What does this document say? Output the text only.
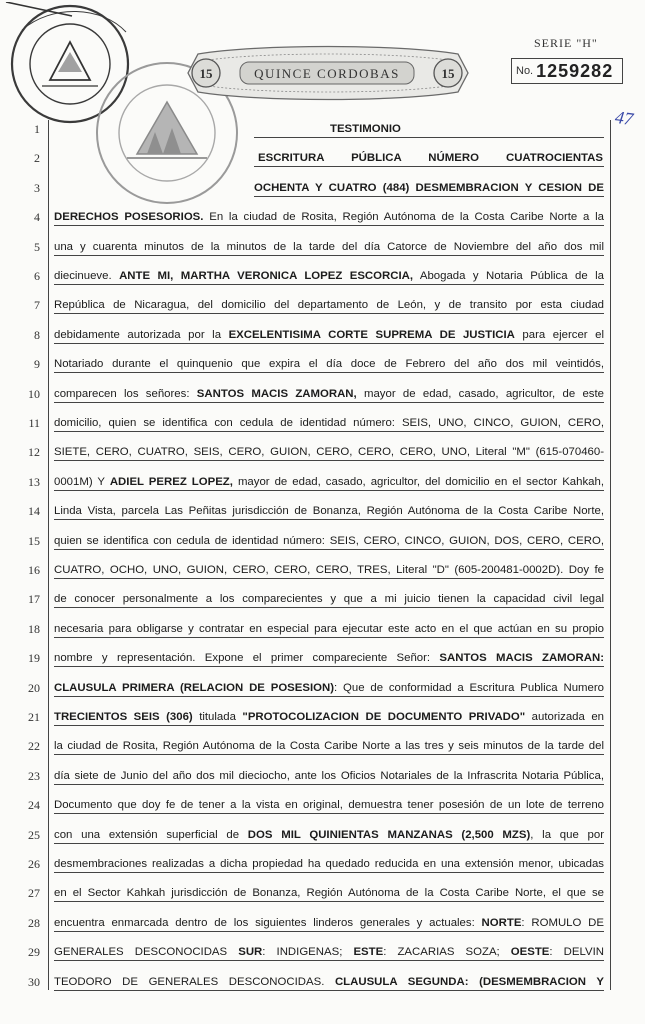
15	15
QUINCE CORDOBAS
SERIE "H"
No. 1259282
47
1	TESTIMONIO
2	ESCRITURA PÚBLICA NÚMERO CUATROCIENTAS
3	OCHENTA Y CUATRO (484) DESMEMBRACION Y CESION DE
4 DERECHOS POSESORIOS. En la ciudad de Rosita, Región Autónoma de la Costa Caribe Norte a la
5 una y cuarenta minutos de la minutos de la tarde del día Catorce de Noviembre del año dos mil
6 diecinueve. ANTE MI, MARTHA VERONICA LOPEZ ESCORCIA, Abogada y Notaria Pública de la
7 República de Nicaragua, del domicilio del departamento de León, y de transito por esta ciudad
8 debidamente autorizada por la EXCELENTISIMA CORTE SUPREMA DE JUSTICIA para ejercer el
9 Notariado durante el quinquenio que expira el día doce de Febrero del año dos mil veintidós,
10 comparecen los señores: SANTOS MACIS ZAMORAN, mayor de edad, casado, agricultor, de este
11 domicilio, quien se identifica con cedula de identidad número: SEIS, UNO, CINCO, GUION, CERO,
12 SIETE, CERO, CUATRO, SEIS, CERO, GUION, CERO, CERO, CERO, UNO, Literal "M" (615-070460-
13 0001M) Y ADIEL PEREZ LOPEZ, mayor de edad, casado, agricultor, del domicilio en el sector Kahkah,
14 Linda Vista, parcela Las Peñitas jurisdicción de Bonanza, Región Autónoma de la Costa Caribe Norte,
15 quien se identifica con cedula de identidad número: SEIS, CERO, CINCO, GUION, DOS, CERO, CERO,
16 CUATRO, OCHO, UNO, GUION, CERO, CERO, CERO, TRES, Literal "D" (605-200481-0002D). Doy fe
17 de conocer personalmente a los comparecientes y que a mi juicio tienen la capacidad civil legal
18 necesaria para obligarse y contratar en especial para ejecutar este acto en el que actúan en su propio
19 nombre y representación. Expone el primer compareciente Señor: SANTOS MACIS ZAMORAN:
20 CLAUSULA PRIMERA (RELACION DE POSESION): Que de conformidad a Escritura Publica Numero
21 TRECIENTOS SEIS (306) titulada "PROTOCOLIZACION DE DOCUMENTO PRIVADO" autorizada en
22 la ciudad de Rosita, Región Autónoma de la Costa Caribe Norte a las tres y seis minutos de la tarde del
23 día siete de Junio del año dos mil dieciocho, ante los Oficios Notariales de la Infrascrita Notaria Pública,
24 Documento que doy fe de tener a la vista en original, demuestra tener posesión de un lote de terreno
25 con una extensión superficial de DOS MIL QUINIENTAS MANZANAS (2,500 MZS), la que por
26 desmembraciones realizadas a dicha propiedad ha quedado reducida en una extensión menor, ubicadas
27 en el Sector Kahkah jurisdicción de Bonanza, Región Autónoma de la Costa Caribe Norte, el que se
28 encuentra enmarcada dentro de los siguientes linderos generales y actuales: NORTE: ROMULO DE
29 GENERALES DESCONOCIDAS SUR: INDIGENAS; ESTE: ZACARIAS SOZA; OESTE: DELVIN
30 TEODORO DE GENERALES DESCONOCIDAS. CLAUSULA SEGUNDA: (DESMEMBRACION Y
